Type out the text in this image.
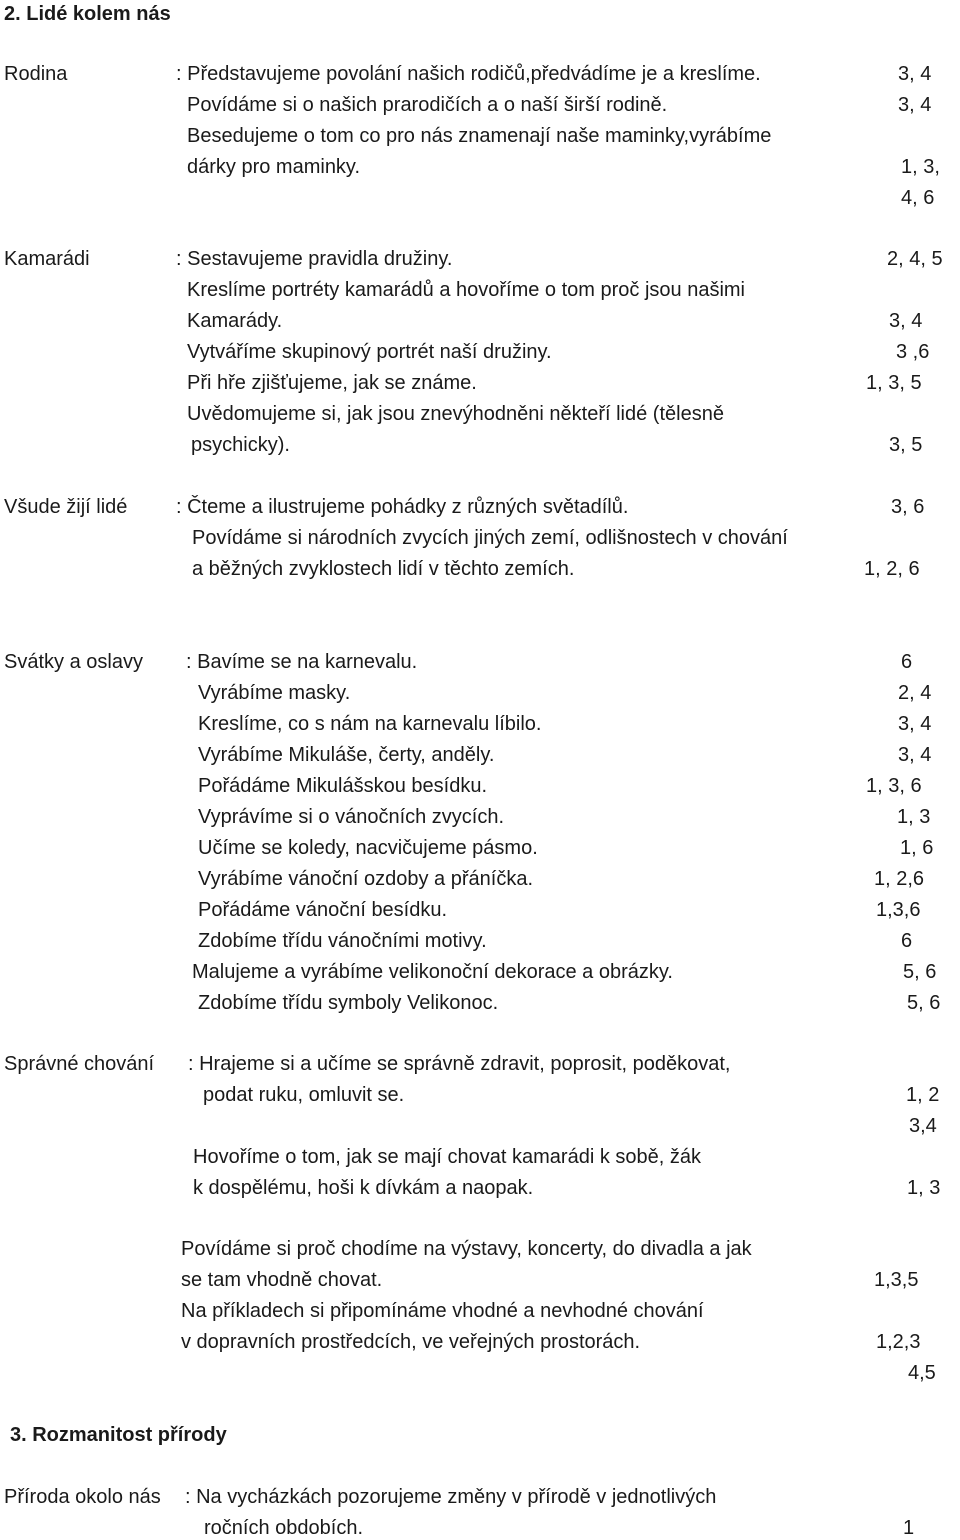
2. Lidé kolem nás
Rodina	: Představujeme povolání našich rodičů,předvádíme je a kreslíme.	3, 4
Povídáme si o našich prarodičích a o naší širší rodině.	3, 4
Besedujeme o tom co pro nás znamenají naše maminky,vyrábíme
dárky pro maminky.	1, 3,
4, 6
Kamarádi	: Sestavujeme pravidla družiny.	2, 4, 5
Kreslíme portréty kamarádů a hovoříme o tom proč jsou našimi
Kamarády.	3, 4
Vytváříme skupinový portrét naší družiny.	3 ,6
Při hře zjišťujeme, jak se známe.	1, 3, 5
Uvědomujeme si, jak jsou znevýhodněni někteří lidé (tělesně
psychicky).	3, 5
Všude žijí lidé : Čteme a ilustrujeme pohádky z různých světadílů.	3, 6
Povídáme si národních zvycích jiných zemí, odlišnostech v chování
a běžných zvyklostech lidí v těchto zemích.	1, 2, 6
Svátky a oslavy : Bavíme se na karnevalu.	6
Vyrábíme masky.	2, 4
Kreslíme, co s nám na karnevalu líbilo.	3, 4
Vyrábíme Mikuláše, čerty, anděly.	3, 4
Pořádáme Mikulášskou besídku.	1, 3, 6
Vyprávíme si o vánočních zvycích.	1, 3
Učíme se koledy, nacvičujeme pásmo.	1, 6
Vyrábíme vánoční ozdoby a přáníčka.	1, 2,6
Pořádáme vánoční besídku.	1,3,6
Zdobíme třídu vánočními motivy.	6
Malujeme a vyrábíme velikonoční dekorace a obrázky.	5, 6
Zdobíme třídu symboly Velikonoc.	5, 6
Správné chování : Hrajeme si a učíme se správně zdravit, poprosit, poděkovat,
podat ruku, omluvit se.	1, 2
3,4
Hovoříme o tom, jak se mají chovat kamarádi k sobě, žák
k dospělému, hoši k dívkám a naopak.	1, 3
Povídáme si proč chodíme na výstavy, koncerty, do divadla a jak
se tam vhodně chovat.	1,3,5
Na příkladech si připomínáme vhodné a nevhodné chování
v dopravních prostředcích, ve veřejných prostorách.	1,2,3
4,5
3. Rozmanitost přírody
Příroda okolo nás : Na vycházkách pozorujeme změny v přírodě v jednotlivých
ročních obdobích.	1
